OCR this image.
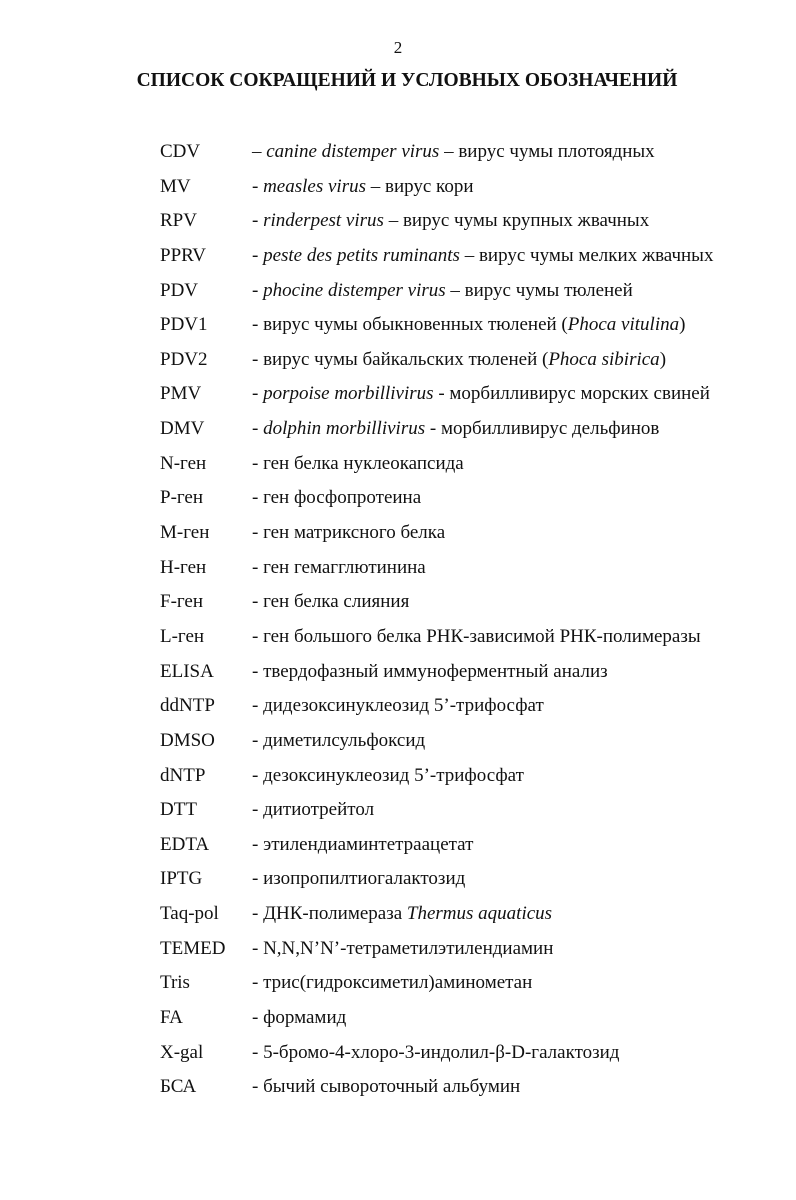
2
СПИСОК СОКРАЩЕНИЙ И УСЛОВНЫХ ОБОЗНАЧЕНИЙ
CDV	– canine distemper virus – вирус чумы плотоядных
MV	- measles virus – вирус кори
RPV	- rinderpest virus – вирус чумы крупных жвачных
PPRV	- peste des petits ruminants – вирус чумы мелких жвачных
PDV	- phocine distemper virus – вирус чумы тюленей
PDV1	- вирус чумы обыкновенных тюленей (Phoca vitulina)
PDV2	- вирус чумы байкальских тюленей (Phoca sibirica)
PMV	- porpoise morbillivirus - морбилливирус морских свиней
DMV	- dolphin morbillivirus - морбилливирус дельфинов
N-ген	- ген белка нуклеокапсида
P-ген	- ген фосфопротеина
M-ген	- ген матриксного белка
H-ген	- ген гемагглютинина
F-ген	- ген белка слияния
L-ген	- ген большого белка РНК-зависимой РНК-полимеразы
ELISA	- твердофазный иммуноферментный анализ
ddNTP	- дидезоксинуклеозид 5’-трифосфат
DMSO	- диметилсульфоксид
dNTP	- дезоксинуклеозид 5’-трифосфат
DTT	- дитиотрейтол
EDTA	- этилендиаминтетраацетат
IPTG	- изопропилтиогалактозид
Taq-pol	- ДНК-полимераза Thermus aquaticus
TEMED	- N,N,N’N’-тетраметилэтилендиамин
Tris	- трис(гидроксиметил)аминометан
FA	- формамид
X-gal	- 5-бромо-4-хлоро-3-индолил-β-D-галактозид
БСА	- бычий сывороточный альбумин
